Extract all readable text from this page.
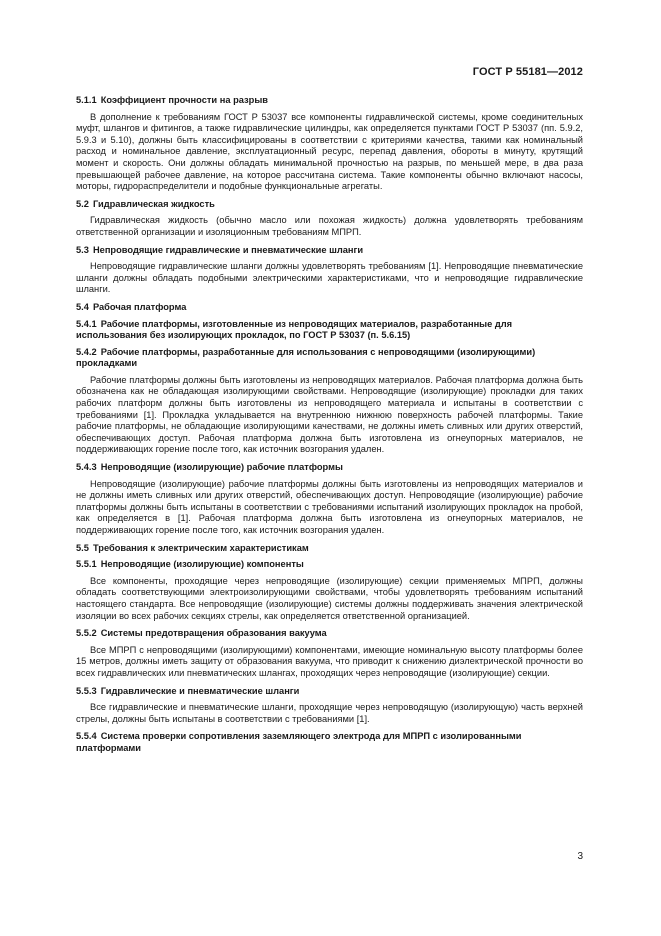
ГОСТ Р 55181—2012
5.1.1 Коэффициент прочности на разрыв
В дополнение к требованиям ГОСТ Р 53037 все компоненты гидравлической системы, кроме соединительных муфт, шлангов и фитингов, а также гидравлические цилиндры, как определяется пунктами ГОСТ Р 53037 (пп. 5.9.2, 5.9.3 и 5.10), должны быть классифицированы в соответствии с критериями качества, такими как номинальный расход и номинальное давление, эксплуатационный ресурс, перепад давления, обороты в минуту, крутящий момент и скорость. Они должны обладать минимальной прочностью на разрыв, по меньшей мере, в два раза превышающей рабочее давление, на которое рассчитана система. Такие компоненты обычно включают насосы, моторы, гидрораспределители и подобные функциональные агрегаты.
5.2 Гидравлическая жидкость
Гидравлическая жидкость (обычно масло или похожая жидкость) должна удовлетворять требованиям ответственной организации и изоляционным требованиям МПРП.
5.3 Непроводящие гидравлические и пневматические шланги
Непроводящие гидравлические шланги должны удовлетворять требованиям [1]. Непроводящие пневматические шланги должны обладать подобными электрическими характеристиками, что и непроводящие гидравлические шланги.
5.4 Рабочая платформа
5.4.1 Рабочие платформы, изготовленные из непроводящих материалов, разработанные для использования без изолирующих прокладок, по ГОСТ Р 53037 (п. 5.6.15)
5.4.2 Рабочие платформы, разработанные для использования с непроводящими (изолирующими) прокладками
Рабочие платформы должны быть изготовлены из непроводящих материалов. Рабочая платформа должна быть обозначена как не обладающая изолирующими свойствами. Непроводящие (изолирующие) прокладки для таких рабочих платформ должны быть изготовлены из непроводящего материала и испытаны в соответствии с требованиями [1]. Прокладка укладывается на внутреннюю нижнюю поверхность рабочей платформы. Такие рабочие платформы, не обладающие изолирующими качествами, не должны иметь сливных или других отверстий, обеспечивающих доступ. Рабочая платформа должна быть изготовлена из огнеупорных материалов, не поддерживающих горение после того, как источник возгорания удален.
5.4.3 Непроводящие (изолирующие) рабочие платформы
Непроводящие (изолирующие) рабочие платформы должны быть изготовлены из непроводящих материалов и не должны иметь сливных или других отверстий, обеспечивающих доступ. Непроводящие (изолирующие) рабочие платформы должны быть испытаны в соответствии с требованиями испытаний изолирующих прокладок на пробой, как определяется в [1]. Рабочая платформа должна быть изготовлена из огнеупорных материалов, не поддерживающих горение после того, как источник возгорания удален.
5.5 Требования к электрическим характеристикам
5.5.1 Непроводящие (изолирующие) компоненты
Все компоненты, проходящие через непроводящие (изолирующие) секции применяемых МПРП, должны обладать соответствующими электроизолирующими свойствами, чтобы удовлетворять требованиям испытаний настоящего стандарта. Все непроводящие (изолирующие) системы должны поддерживать значения электрической изоляции во всех рабочих секциях стрелы, как определяется ответственной организацией.
5.5.2 Системы предотвращения образования вакуума
Все МПРП с непроводящими (изолирующими) компонентами, имеющие номинальную высоту платформы более 15 метров, должны иметь защиту от образования вакуума, что приводит к снижению диэлектрической прочности во всех гидравлических или пневматических шлангах, проходящих через непроводящие (изолирующие) секции.
5.5.3 Гидравлические и пневматические шланги
Все гидравлические и пневматические шланги, проходящие через непроводящую (изолирующую) часть верхней стрелы, должны быть испытаны в соответствии с требованиями [1].
5.5.4 Система проверки сопротивления заземляющего электрода для МПРП с изолированными платформами
3
